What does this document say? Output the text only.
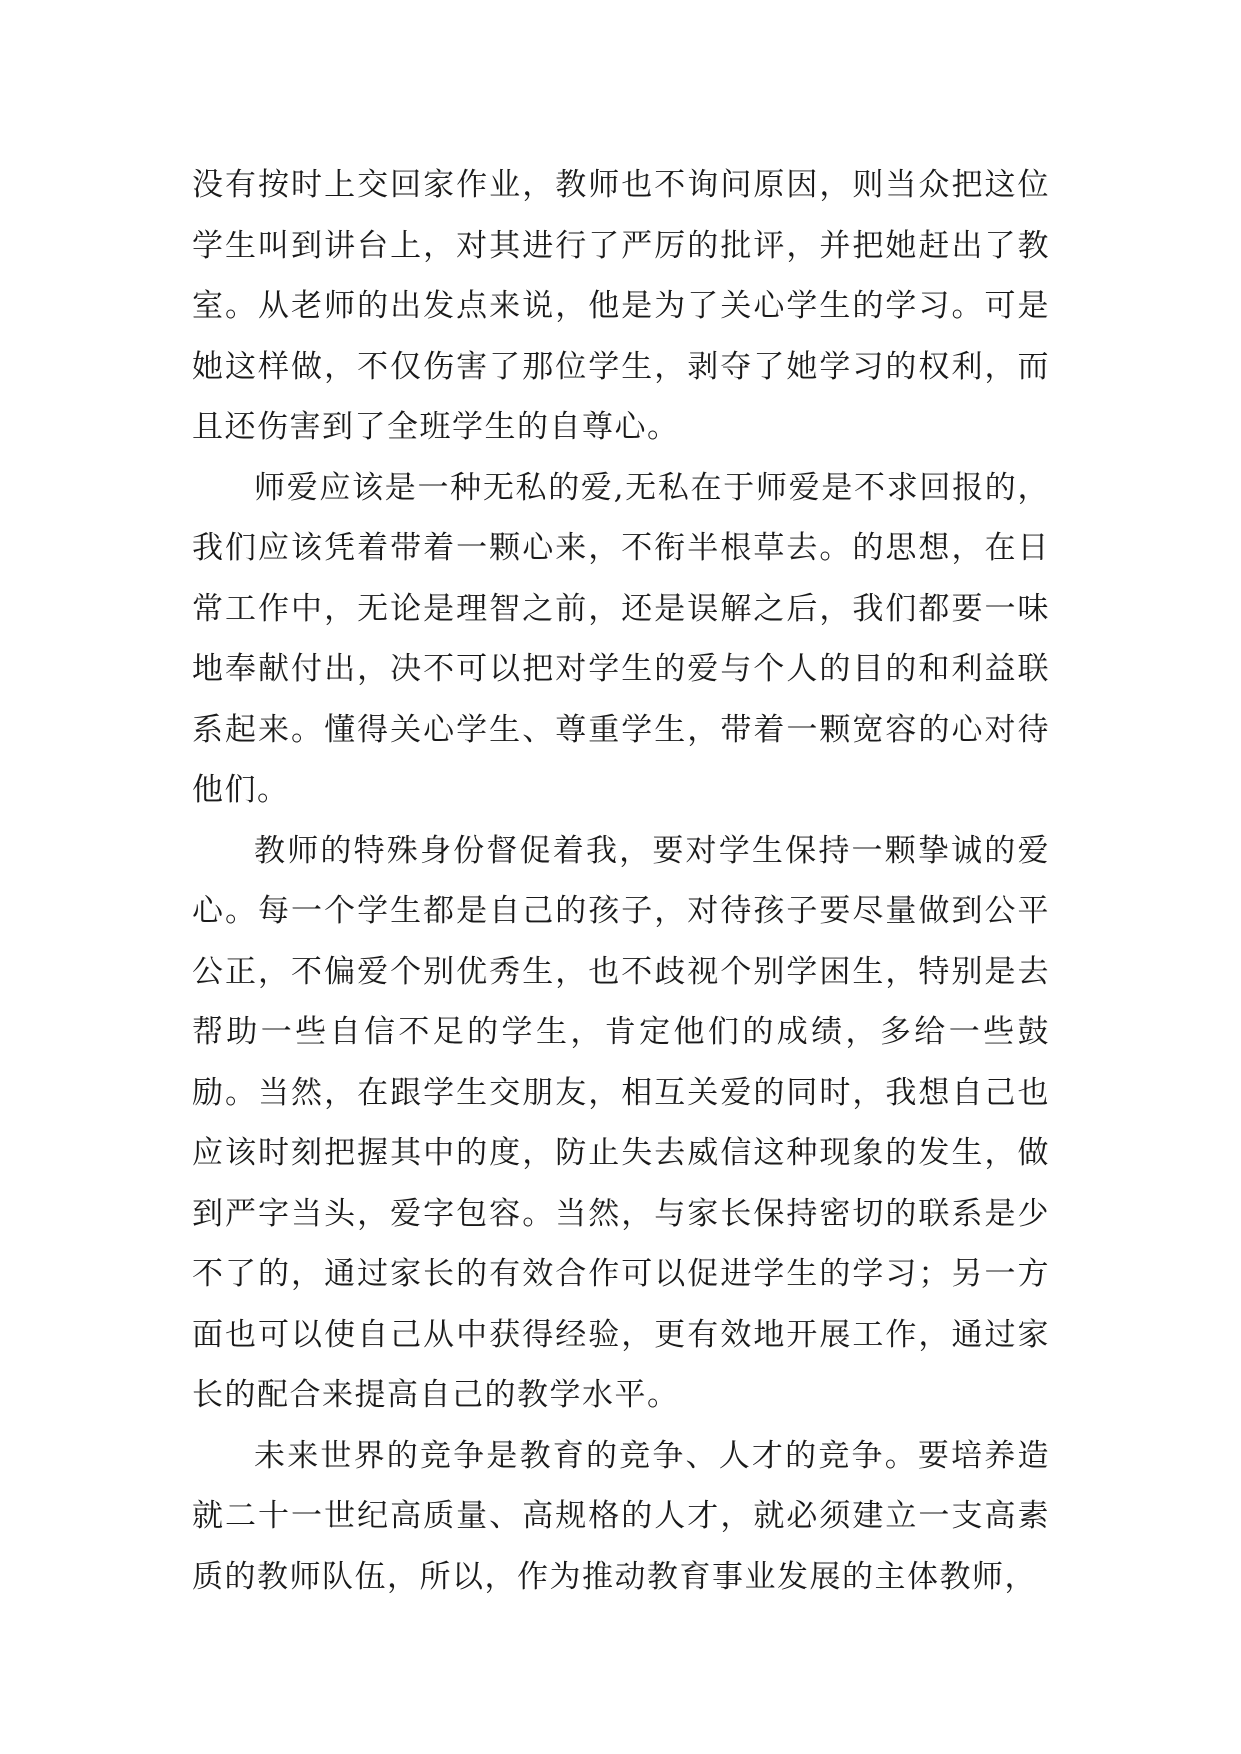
没有按时上交回家作业，教师也不询问原因，则当众把这位学生叫到讲台上，对其进行了严厉的批评，并把她赶出了教室。从老师的出发点来说，他是为了关心学生的学习。可是她这样做，不仅伤害了那位学生，剥夺了她学习的权利，而且还伤害到了全班学生的自尊心。

师爱应该是一种无私的爱,无私在于师爱是不求回报的，我们应该凭着带着一颗心来，不衔半根草去。的思想，在日常工作中，无论是理智之前，还是误解之后，我们都要一味地奉献付出，决不可以把对学生的爱与个人的目的和利益联系起来。懂得关心学生、尊重学生，带着一颗宽容的心对待他们。

教师的特殊身份督促着我，要对学生保持一颗挚诚的爱心。每一个学生都是自己的孩子，对待孩子要尽量做到公平公正，不偏爱个别优秀生，也不歧视个别学困生，特别是去帮助一些自信不足的学生，肯定他们的成绩，多给一些鼓励。当然，在跟学生交朋友，相互关爱的同时，我想自己也应该时刻把握其中的度，防止失去威信这种现象的发生，做到严字当头，爱字包容。当然，与家长保持密切的联系是少不了的，通过家长的有效合作可以促进学生的学习；另一方面也可以使自己从中获得经验，更有效地开展工作，通过家长的配合来提高自己的教学水平。

未来世界的竞争是教育的竞争、人才的竞争。要培养造就二十一世纪高质量、高规格的人才，就必须建立一支高素质的教师队伍，所以，作为推动教育事业发展的主体教师，
